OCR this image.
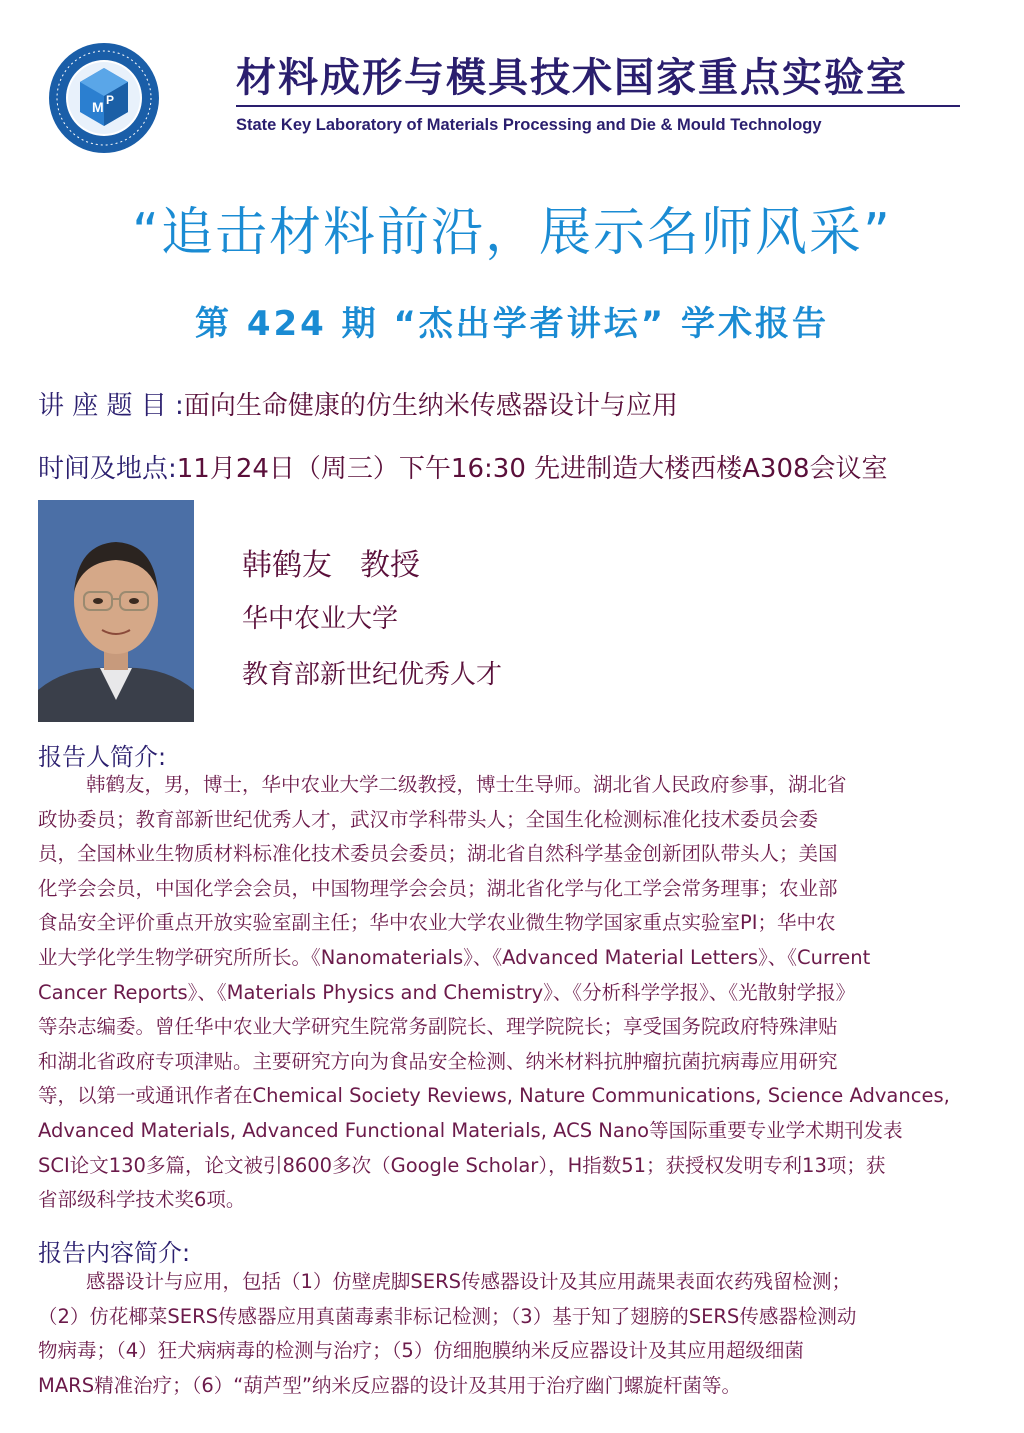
M P	材料成形与模具技术国家重点实验室
State Key Laboratory of Materials Processing and Die & Mould Technology
“追击材料前沿，展示名师风采”
第 424 期 “杰出学者讲坛” 学术报告
讲 座 题 目 :面向生命健康的仿生纳米传感器设计与应用
时间及地点:11月24日（周三）下午16:30 先进制造大楼西楼A308会议室
韩鹤友 教授
华中农业大学
教育部新世纪优秀人才
报告人简介:
韩鹤友，男，博士，华中农业大学二级教授，博士生导师。湖北省人民政府参事，湖北省
政协委员；教育部新世纪优秀人才，武汉市学科带头人；全国生化检测标准化技术委员会委
员，全国林业生物质材料标准化技术委员会委员；湖北省自然科学基金创新团队带头人；美国
化学会会员，中国化学会会员，中国物理学会会员；湖北省化学与化工学会常务理事；农业部
食品安全评价重点开放实验室副主任；华中农业大学农业微生物学国家重点实验室PI；华中农
业大学化学生物学研究所所长。《Nanomaterials》、《Advanced Material Letters》、《Current
Cancer Reports》、《Materials Physics and Chemistry》、《分析科学学报》、《光散射学报》
等杂志编委。曾任华中农业大学研究生院常务副院长、理学院院长；享受国务院政府特殊津贴
和湖北省政府专项津贴。主要研究方向为食品安全检测、纳米材料抗肿瘤抗菌抗病毒应用研究
等，以第一或通讯作者在Chemical Society Reviews, Nature Communications, Science Advances,
Advanced Materials, Advanced Functional Materials, ACS Nano等国际重要专业学术期刊发表
SCI论文130多篇，论文被引8600多次（Google Scholar），H指数51；获授权发明专利13项；获
省部级科学技术奖6项。
报告内容简介:
感器设计与应用，包括（1）仿壁虎脚SERS传感器设计及其应用蔬果表面农药残留检测；
（2）仿花椰菜SERS传感器应用真菌毒素非标记检测；（3）基于知了翅膀的SERS传感器检测动
物病毒；（4）狂犬病病毒的检测与治疗；（5）仿细胞膜纳米反应器设计及其应用超级细菌
MARS精准治疗；（6）“葫芦型”纳米反应器的设计及其用于治疗幽门螺旋杆菌等。
